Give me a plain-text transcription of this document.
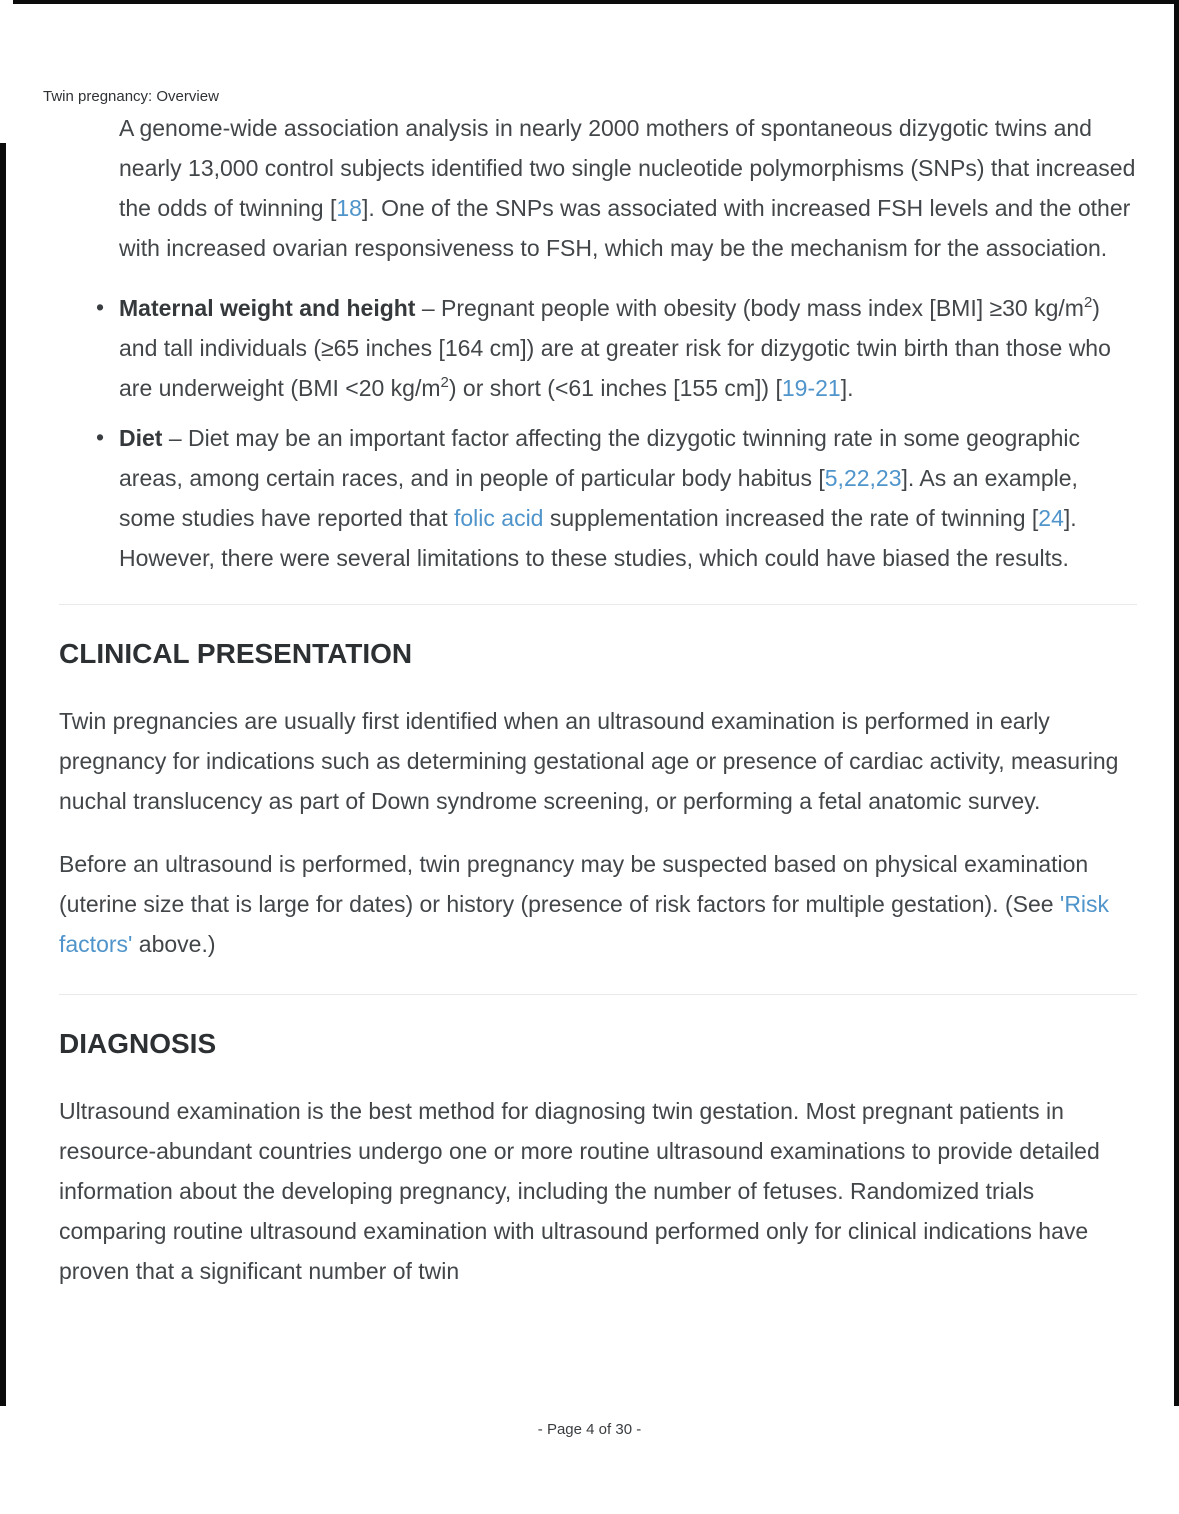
Twin pregnancy: Overview

A genome-wide association analysis in nearly 2000 mothers of spontaneous dizygotic twins and nearly 13,000 control subjects identified two single nucleotide polymorphisms (SNPs) that increased the odds of twinning [18]. One of the SNPs was associated with increased FSH levels and the other with increased ovarian responsiveness to FSH, which may be the mechanism for the association.

• Maternal weight and height – Pregnant people with obesity (body mass index [BMI] ≥30 $kg/m^2$) and tall individuals (≥65 inches [164 cm]) are at greater risk for dizygotic twin birth than those who are underweight (BMI <20 $kg/m^2$) or short (<61 inches [155 cm]) [19-21].
• Diet – Diet may be an important factor affecting the dizygotic twinning rate in some geographic areas, among certain races, and in people of particular body habitus [5,22,23]. As an example, some studies have reported that folic acid supplementation increased the rate of twinning [24]. However, there were several limitations to these studies, which could have biased the results.
CLINICAL PRESENTATION

Twin pregnancies are usually first identified when an ultrasound examination is performed in early pregnancy for indications such as determining gestational age or presence of cardiac activity, measuring nuchal translucency as part of Down syndrome screening, or performing a fetal anatomic survey.

Before an ultrasound is performed, twin pregnancy may be suspected based on physical examination (uterine size that is large for dates) or history (presence of risk factors for multiple gestation). (See 'Risk factors' above.)

DIAGNOSIS

Ultrasound examination is the best method for diagnosing twin gestation. Most pregnant patients in resource-abundant countries undergo one or more routine ultrasound examinations to provide detailed information about the developing pregnancy, including the number of fetuses. Randomized trials comparing routine ultrasound examination with ultrasound performed only for clinical indications have proven that a significant number of twin

- Page 4 of 30 -
